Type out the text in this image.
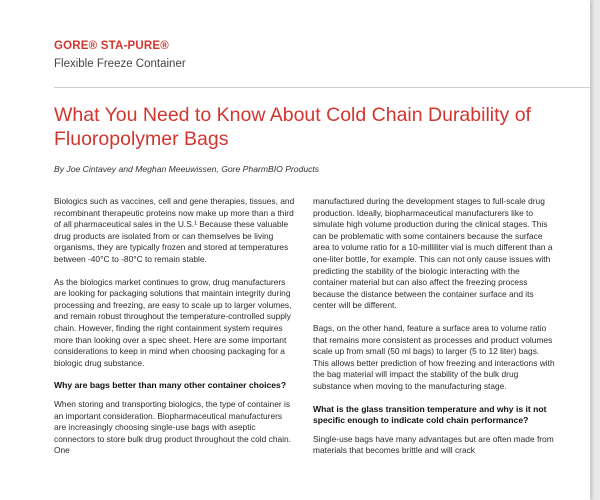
GORE® STA-PURE®
Flexible Freeze Container
What You Need to Know About Cold Chain Durability of Fluoropolymer Bags
By Joe Cintavey and Meghan Meeuwissen, Gore PharmBIO Products

Biologics such as vaccines, cell and gene therapies, tissues, and recombinant therapeutic proteins now make up more than a third of all pharmaceutical sales in the U.S.¹ Because these valuable drug products are isolated from or can themselves be living organisms, they are typically frozen and stored at temperatures between -40°C to -80°C to remain stable.

As the biologics market continues to grow, drug manufacturers are looking for packaging solutions that maintain integrity during processing and freezing, are easy to scale up to larger volumes, and remain robust throughout the temperature-controlled supply chain. However, finding the right containment system requires more than looking over a spec sheet. Here are some important considerations to keep in mind when choosing packaging for a biologic drug substance.

Why are bags better than many other container choices?

When storing and transporting biologics, the type of container is an important consideration. Biopharmaceutical manufacturers are increasingly choosing single-use bags with aseptic connectors to store bulk drug product throughout the cold chain. One

manufactured during the development stages to full-scale drug production. Ideally, biopharmaceutical manufacturers like to simulate high volume production during the clinical stages. This can be problematic with some containers because the surface area to volume ratio for a 10-milliliter vial is much different than a one-liter bottle, for example. This can not only cause issues with predicting the stability of the biologic interacting with the container material but can also affect the freezing process because the distance between the container surface and its center will be different.

Bags, on the other hand, feature a surface area to volume ratio that remains more consistent as processes and product volumes scale up from small (50 ml bags) to larger (5 to 12 liter) bags. This allows better prediction of how freezing and interactions with the bag material will impact the stability of the bulk drug substance when moving to the manufacturing stage.

What is the glass transition temperature and why is it not specific enough to indicate cold chain performance?

Single-use bags have many advantages but are often made from materials that becomes brittle and will crack
